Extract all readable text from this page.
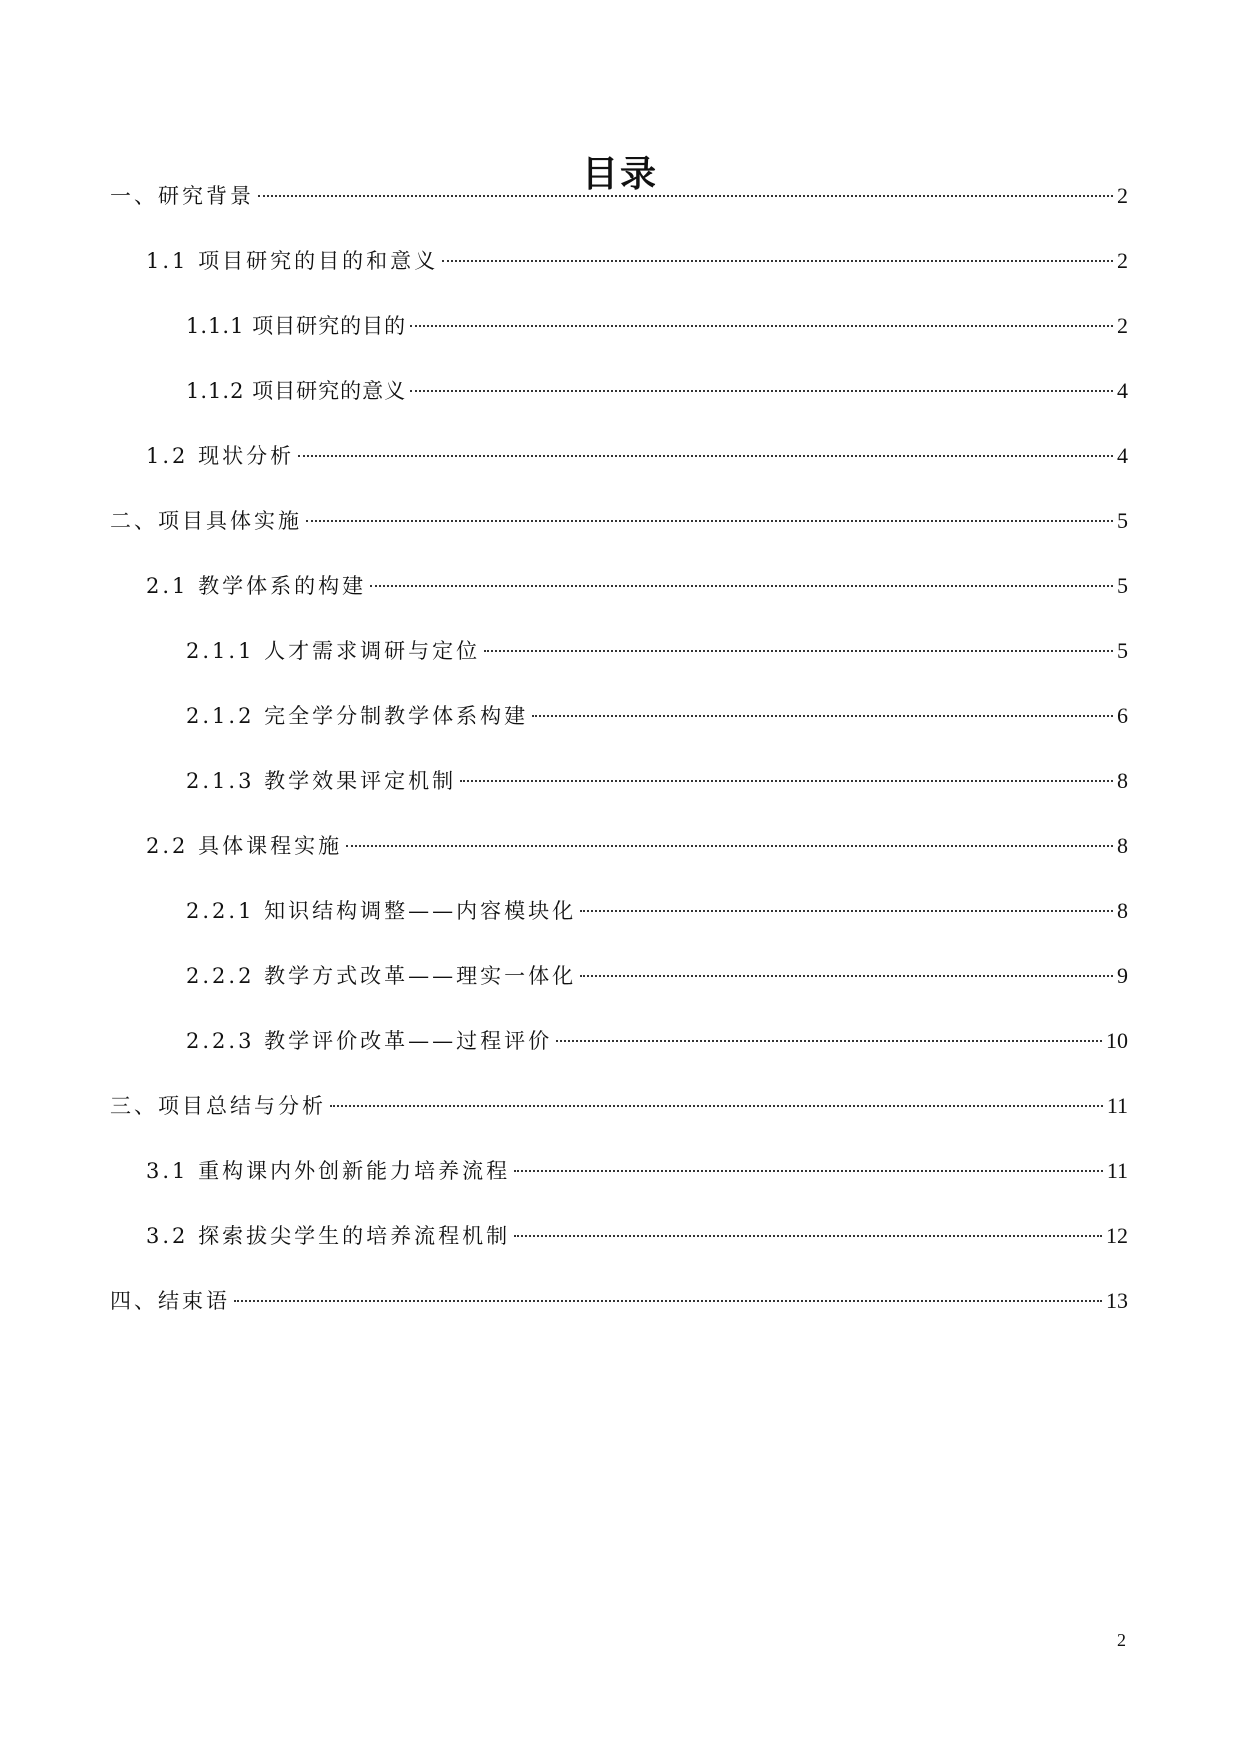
目录
一、研究背景	2
1.1 项目研究的目的和意义	2
1.1.1 项目研究的目的	2
1.1.2 项目研究的意义	4
1.2 现状分析	4
二、项目具体实施	5
2.1 教学体系的构建	5
2.1.1 人才需求调研与定位	5
2.1.2 完全学分制教学体系构建	6
2.1.3 教学效果评定机制	8
2.2 具体课程实施	8
2.2.1 知识结构调整——内容模块化	8
2.2.2 教学方式改革——理实一体化	9
2.2.3 教学评价改革——过程评价	10
三、项目总结与分析	11
3.1 重构课内外创新能力培养流程	11
3.2 探索拔尖学生的培养流程机制	12
四、结束语	13
2
